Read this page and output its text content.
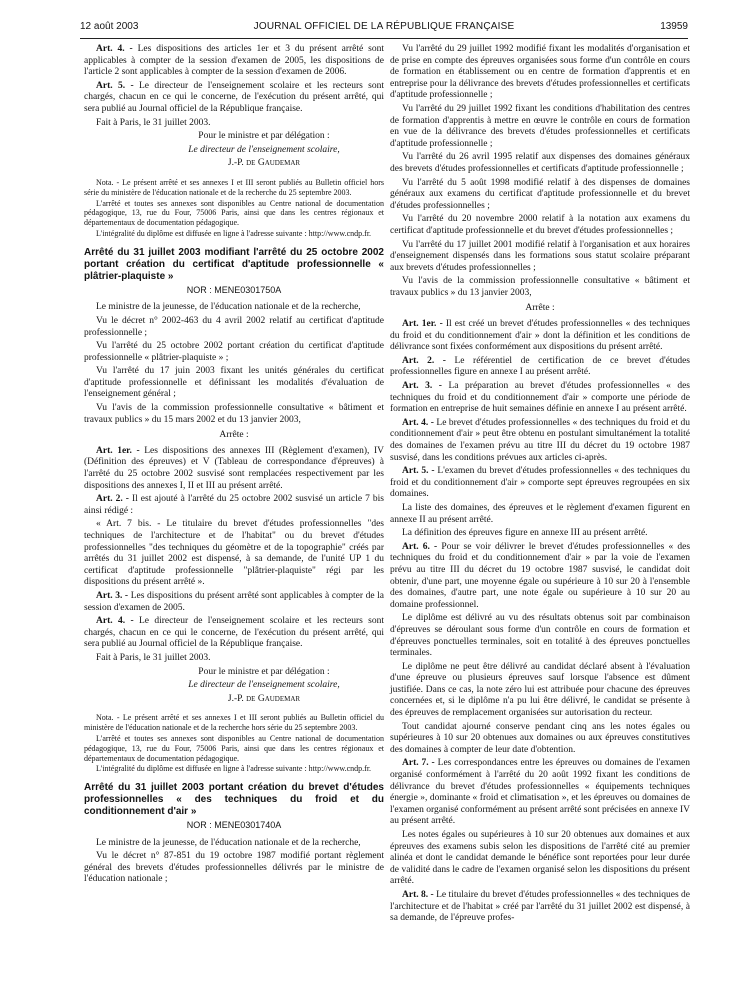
12 août 2003	JOURNAL OFFICIEL DE LA RÉPUBLIQUE FRANÇAISE	13959

Art. 4. - Les dispositions des articles 1er et 3 du présent arrêté sont applicables à compter de la session d'examen de 2005, les dispositions de l'article 2 sont applicables à compter de la session d'examen de 2006.

Art. 5. - Le directeur de l'enseignement scolaire et les recteurs sont chargés, chacun en ce qui le concerne, de l'exécution du présent arrêté, qui sera publié au Journal officiel de la République française.

Fait à Paris, le 31 juillet 2003.

Pour le ministre et par délégation :

Le directeur de l'enseignement scolaire,

J.-P. de Gaudemar

Nota. - Le présent arrêté et ses annexes I et III seront publiés au Bulletin officiel hors série du ministère de l'éducation nationale et de la recherche du 25 septembre 2003.

L'arrêté et toutes ses annexes sont disponibles au Centre national de documentation pédagogique, 13, rue du Four, 75006 Paris, ainsi que dans les centres régionaux et départementaux de documentation pédagogique.

L'intégralité du diplôme est diffusée en ligne à l'adresse suivante : http://www.cndp.fr.

Arrêté du 31 juillet 2003 modifiant l'arrêté du 25 octobre 2002 portant création du certificat d'aptitude professionnelle « plâtrier-plaquiste »

NOR : MENE0301750A

Le ministre de la jeunesse, de l'éducation nationale et de la recherche,

Vu le décret n° 2002-463 du 4 avril 2002 relatif au certificat d'aptitude professionnelle ;

Vu l'arrêté du 25 octobre 2002 portant création du certificat d'aptitude professionnelle « plâtrier-plaquiste » ;

Vu l'arrêté du 17 juin 2003 fixant les unités générales du certificat d'aptitude professionnelle et définissant les modalités d'évaluation de l'enseignement général ;

Vu l'avis de la commission professionnelle consultative « bâtiment et travaux publics » du 15 mars 2002 et du 13 janvier 2003,

Arrête :

Art. 1er. - Les dispositions des annexes III (Règlement d'examen), IV (Définition des épreuves) et V (Tableau de correspondance d'épreuves) à l'arrêté du 25 octobre 2002 susvisé sont remplacées respectivement par les dispositions des annexes I, II et III au présent arrêté.

Art. 2. - Il est ajouté à l'arrêté du 25 octobre 2002 susvisé un article 7 bis ainsi rédigé :

« Art. 7 bis. - Le titulaire du brevet d'études professionnelles "des techniques de l'architecture et de l'habitat" ou du brevet d'études professionnelles "des techniques du géomètre et de la topographie" créés par arrêtés du 31 juillet 2002 est dispensé, à sa demande, de l'unité UP 1 du certificat d'aptitude professionnelle "plâtrier-plaquiste" régi par les dispositions du présent arrêté ».

Art. 3. - Les dispositions du présent arrêté sont applicables à compter de la session d'examen de 2005.

Art. 4. - Le directeur de l'enseignement scolaire et les recteurs sont chargés, chacun en ce qui le concerne, de l'exécution du présent arrêté, qui sera publié au Journal officiel de la République française.

Fait à Paris, le 31 juillet 2003.

Pour le ministre et par délégation :

Le directeur de l'enseignement scolaire,

J.-P. de Gaudemar

Nota. - Le présent arrêté et ses annexes I et III seront publiés au Bulletin officiel du ministère de l'éducation nationale et de la recherche hors série du 25 septembre 2003.

L'arrêté et toutes ses annexes sont disponibles au Centre national de documentation pédagogique, 13, rue du Four, 75006 Paris, ainsi que dans les centres régionaux et départementaux de documentation pédagogique.

L'intégralité du diplôme est diffusée en ligne à l'adresse suivante : http://www.cndp.fr.

Arrêté du 31 juillet 2003 portant création du brevet d'études professionnelles « des techniques du froid et du conditionnement d'air »

NOR : MENE0301740A

Le ministre de la jeunesse, de l'éducation nationale et de la recherche,

Vu le décret n° 87-851 du 19 octobre 1987 modifié portant règlement général des brevets d'études professionnelles délivrés par le ministre de l'éducation nationale ;

Vu l'arrêté du 29 juillet 1992 modifié fixant les modalités d'organisation et de prise en compte des épreuves organisées sous forme d'un contrôle en cours de formation en établissement ou en centre de formation d'apprentis et en entreprise pour la délivrance des brevets d'études professionnelles et certificats d'aptitude professionnelle ;

Vu l'arrêté du 29 juillet 1992 fixant les conditions d'habilitation des centres de formation d'apprentis à mettre en œuvre le contrôle en cours de formation en vue de la délivrance des brevets d'études professionnelles et certificats d'aptitude professionnelle ;

Vu l'arrêté du 26 avril 1995 relatif aux dispenses des domaines généraux des brevets d'études professionnelles et certificats d'aptitude professionnelle ;

Vu l'arrêté du 5 août 1998 modifié relatif à des dispenses de domaines généraux aux examens du certificat d'aptitude professionnelle et du brevet d'études professionnelles ;

Vu l'arrêté du 20 novembre 2000 relatif à la notation aux examens du certificat d'aptitude professionnelle et du brevet d'études professionnelles ;

Vu l'arrêté du 17 juillet 2001 modifié relatif à l'organisation et aux horaires d'enseignement dispensés dans les formations sous statut scolaire préparant aux brevets d'études professionnelles ;

Vu l'avis de la commission professionnelle consultative « bâtiment et travaux publics » du 13 janvier 2003,

Arrête :

Art. 1er. - Il est créé un brevet d'études professionnelles « des techniques du froid et du conditionnement d'air » dont la définition et les conditions de délivrance sont fixées conformément aux dispositions du présent arrêté.

Art. 2. - Le référentiel de certification de ce brevet d'études professionnelles figure en annexe I au présent arrêté.

Art. 3. - La préparation au brevet d'études professionnelles « des techniques du froid et du conditionnement d'air » comporte une période de formation en entreprise de huit semaines définie en annexe I au présent arrêté.

Art. 4. - Le brevet d'études professionnelles « des techniques du froid et du conditionnement d'air » peut être obtenu en postulant simultanément la totalité des domaines de l'examen prévu au titre III du décret du 19 octobre 1987 susvisé, dans les conditions prévues aux articles ci-après.

Art. 5. - L'examen du brevet d'études professionnelles « des techniques du froid et du conditionnement d'air » comporte sept épreuves regroupées en six domaines.

La liste des domaines, des épreuves et le règlement d'examen figurent en annexe II au présent arrêté.

La définition des épreuves figure en annexe III au présent arrêté.

Art. 6. - Pour se voir délivrer le brevet d'études professionnelles « des techniques du froid et du conditionnement d'air » par la voie de l'examen prévu au titre III du décret du 19 octobre 1987 susvisé, le candidat doit obtenir, d'une part, une moyenne égale ou supérieure à 10 sur 20 à l'ensemble des domaines, d'autre part, une note égale ou supérieure à 10 sur 20 au domaine professionnel.

Le diplôme est délivré au vu des résultats obtenus soit par combinaison d'épreuves se déroulant sous forme d'un contrôle en cours de formation et d'épreuves ponctuelles terminales, soit en totalité à des épreuves ponctuelles terminales.

Le diplôme ne peut être délivré au candidat déclaré absent à l'évaluation d'une épreuve ou plusieurs épreuves sauf lorsque l'absence est dûment justifiée. Dans ce cas, la note zéro lui est attribuée pour chacune des épreuves concernées et, si le diplôme n'a pu lui être délivré, le candidat se présente à des épreuves de remplacement organisées sur autorisation du recteur.

Tout candidat ajourné conserve pendant cinq ans les notes égales ou supérieures à 10 sur 20 obtenues aux domaines ou aux épreuves constitutives des domaines à compter de leur date d'obtention.

Art. 7. - Les correspondances entre les épreuves ou domaines de l'examen organisé conformément à l'arrêté du 20 août 1992 fixant les conditions de délivrance du brevet d'études professionnelles « équipements techniques énergie », dominante « froid et climatisation », et les épreuves ou domaines de l'examen organisé conformément au présent arrêté sont précisées en annexe IV au présent arrêté.

Les notes égales ou supérieures à 10 sur 20 obtenues aux domaines et aux épreuves des examens subis selon les dispositions de l'arrêté cité au premier alinéa et dont le candidat demande le bénéfice sont reportées pour leur durée de validité dans le cadre de l'examen organisé selon les dispositions du présent arrêté.

Art. 8. - Le titulaire du brevet d'études professionnelles « des techniques de l'architecture et de l'habitat » créé par l'arrêté du 31 juillet 2002 est dispensé, à sa demande, de l'épreuve profes-
